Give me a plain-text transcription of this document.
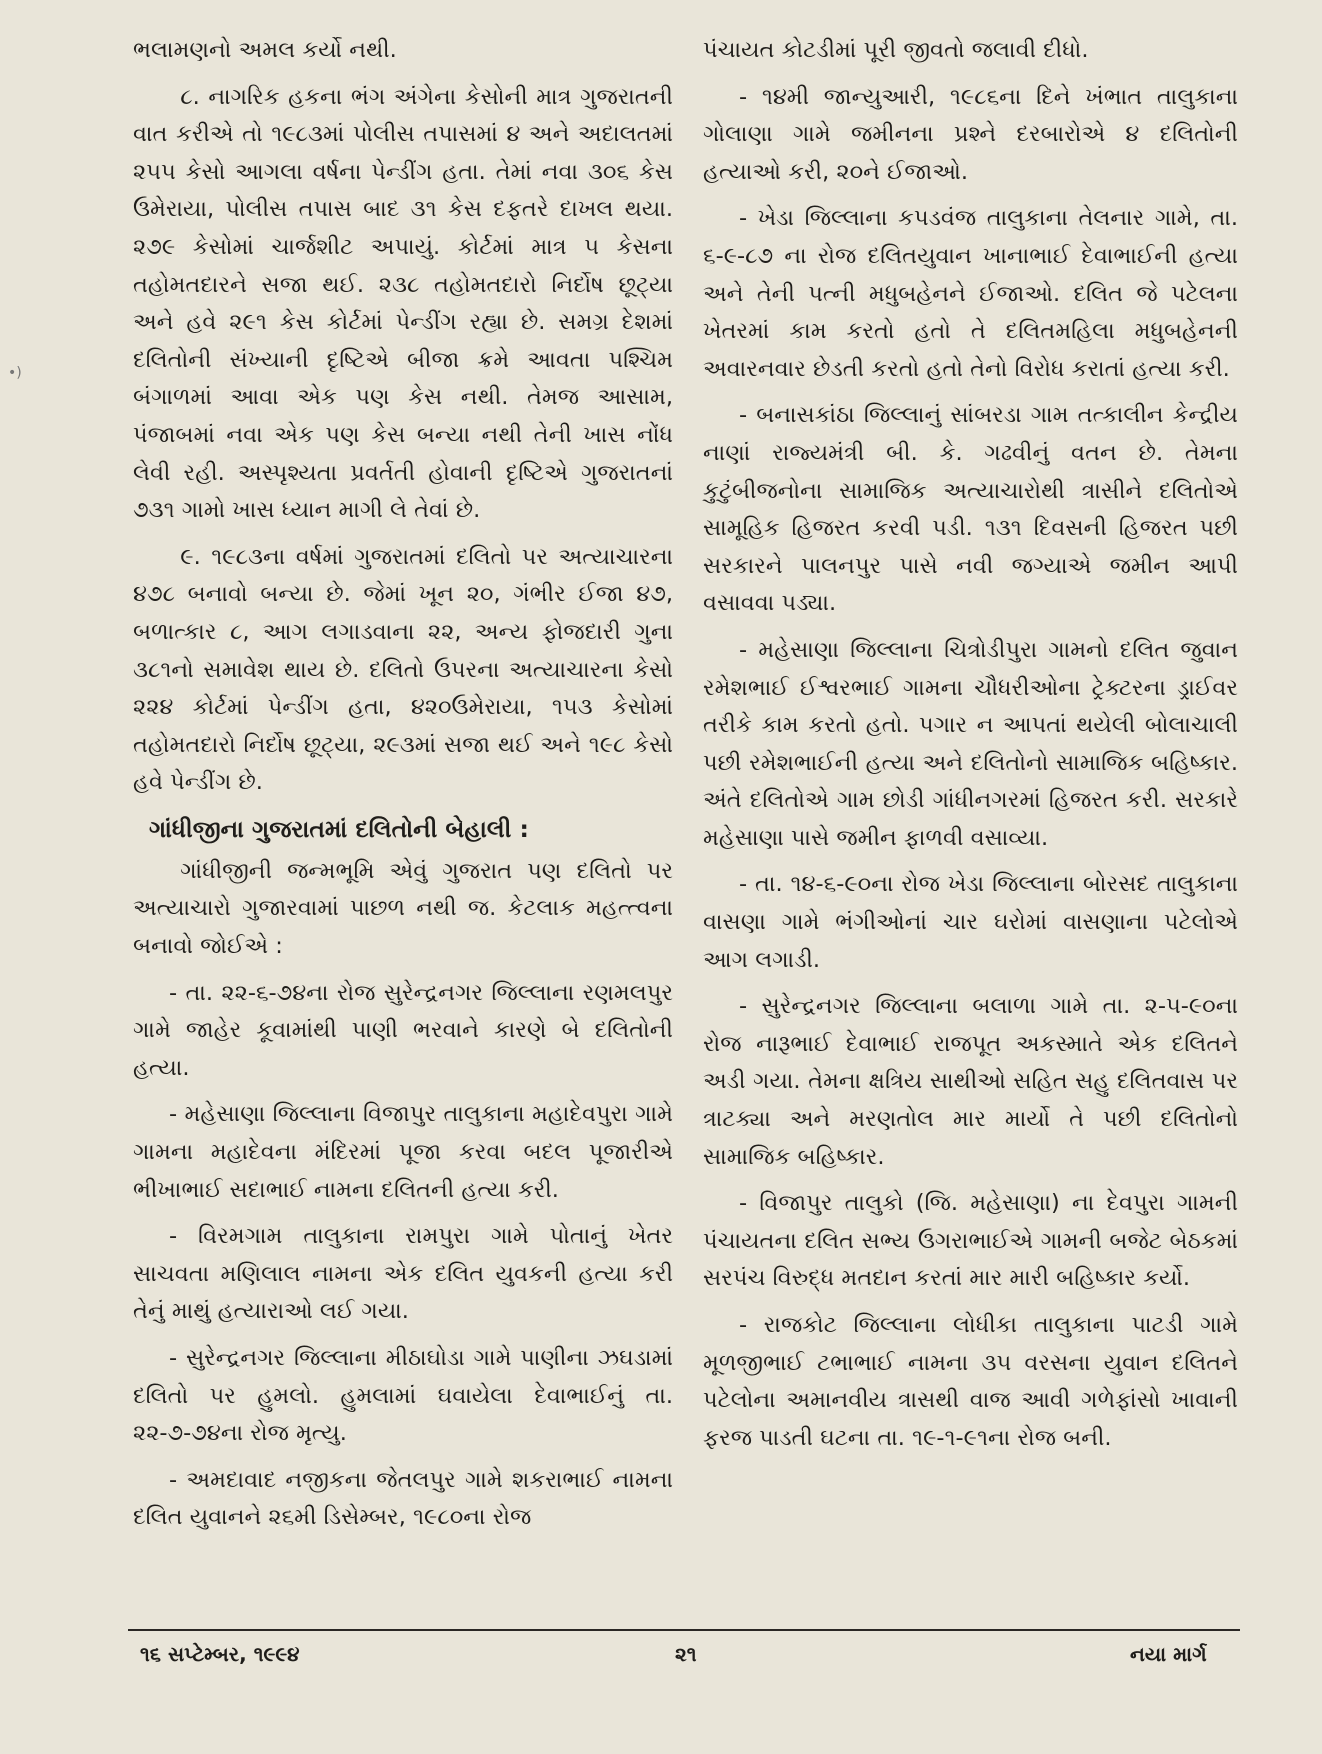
•)

ભલામણનો અમલ કર્યો નથી.

૮. નાગરિક હકના ભંગ અંગેના કેસોની માત્ર ગુજરાતની વાત કરીએ તો ૧૯૮૩માં પોલીસ તપાસમાં ૪ અને અદાલતમાં ૨૫૫ કેસો આગલા વર્ષના પેન્ડીંગ હતા. તેમાં નવા ૩૦૬ કેસ ઉમેરાયા, પોલીસ તપાસ બાદ ૩૧ કેસ દફતરે દાખલ થયા. ૨૭૯ કેસોમાં ચાર્જશીટ અપાયું. કોર્ટમાં માત્ર ૫ કેસના તહોમતદારને સજા થઈ. ૨૩૮ તહોમતદારો નિર્દોષ છૂટ્યા અને હવે ૨૯૧ કેસ કોર્ટમાં પેન્ડીંગ રહ્યા છે. સમગ્ર દેશમાં દલિતોની સંખ્યાની દૃષ્ટિએ બીજા ક્રમે આવતા પશ્ચિમ બંગાળમાં આવા એક પણ કેસ નથી. તેમજ આસામ, પંજાબમાં નવા એક પણ કેસ બન્યા નથી તેની ખાસ નોંધ લેવી રહી. અસ્પૃશ્યતા પ્રવર્તતી હોવાની દૃષ્ટિએ ગુજરાતનાં ૭૩૧ ગામો ખાસ ધ્યાન માગી લે તેવાં છે.

૯. ૧૯૮૩ના વર્ષમાં ગુજરાતમાં દલિતો પર અત્યાચારના ૪૭૮ બનાવો બન્યા છે. જેમાં ખૂન ૨૦, ગંભીર ઈજા ૪૭, બળાત્કાર ૮, આગ લગાડવાના ૨૨, અન્ય ફોજદારી ગુના ૩૮૧નો સમાવેશ થાય છે. દલિતો ઉપરના અત્યાચારના કેસો ૨૨૪ કોર્ટમાં પેન્ડીંગ હતા, ૪૨૦ઉમેરાયા, ૧૫૩ કેસોમાં તહોમતદારો નિર્દોષ છૂટ્યા, ૨૯૩માં સજા થઈ અને ૧૯૮ કેસો હવે પેન્ડીંગ છે.

ગાંધીજીના ગુજરાતમાં દલિતોની બેહાલી :

ગાંધીજીની જન્મભૂમિ એવું ગુજરાત પણ દલિતો પર અત્યાચારો ગુજારવામાં પાછળ નથી જ. કેટલાક મહત્ત્વના બનાવો જોઈએ :

- તા. ૨૨-૬-૭૪ના રોજ સુરેન્દ્રનગર જિલ્લાના રણમલપુર ગામે જાહેર કૂવામાંથી પાણી ભરવાને કારણે બે દલિતોની હત્યા.

- મહેસાણા જિલ્લાના વિજાપુર તાલુકાના મહાદેવપુરા ગામે ગામના મહાદેવના મંદિરમાં પૂજા કરવા બદલ પૂજારીએ ભીખાભાઈ સદાભાઈ નામના દલિતની હત્યા કરી.

- વિરમગામ તાલુકાના રામપુરા ગામે પોતાનું ખેતર સાચવતા મણિલાલ નામના એક દલિત યુવકની હત્યા કરી તેનું માથું હત્યારાઓ લઈ ગયા.

- સુરેન્દ્રનગર જિલ્લાના મીઠાઘોડા ગામે પાણીના ઝઘડામાં દલિતો પર હુમલો. હુમલામાં ઘવાયેલા દેવાભાઈનું તા. ૨૨-૭-૭૪ના રોજ મૃત્યુ.

- અમદાવાદ નજીકના જેતલપુર ગામે શકરાભાઈ નામના દલિત યુવાનને ૨૬મી ડિસેમ્બર, ૧૯૮૦ના રોજ

પંચાયત કોટડીમાં પૂરી જીવતો જલાવી દીધો.

- ૧૪મી જાન્યુઆરી, ૧૯૮૬ના દિને ખંભાત તાલુકાના ગોલાણા ગામે જમીનના પ્રશ્ને દરબારોએ ૪ દલિતોની હત્યાઓ કરી, ૨૦ને ઈજાઓ.

- ખેડા જિલ્લાના કપડવંજ તાલુકાના તેલનાર ગામે, તા. ૬-૯-૮૭ ના રોજ દલિતયુવાન ખાનાભાઈ દેવાભાઈની હત્યા અને તેની પત્ની મધુબહેનને ઈજાઓ. દલિત જે પટેલના ખેતરમાં કામ કરતો હતો તે દલિતમહિલા મધુબહેનની અવારનવાર છેડતી કરતો હતો તેનો વિરોધ કરાતાં હત્યા કરી.

- બનાસકાંઠા જિલ્લાનું સાંબરડા ગામ તત્કાલીન કેન્દ્રીય નાણાં રાજ્યમંત્રી બી. કે. ગઢવીનું વતન છે. તેમના કુટુંબીજનોના સામાજિક અત્યાચારોથી ત્રાસીને દલિતોએ સામૂહિક હિજરત કરવી પડી. ૧૩૧ દિવસની હિજરત પછી સરકારને પાલનપુર પાસે નવી જગ્યાએ જમીન આપી વસાવવા પડ્યા.

- મહેસાણા જિલ્લાના ચિત્રોડીપુરા ગામનો દલિત જુવાન રમેશભાઈ ઈશ્વરભાઈ ગામના ચૌધરીઓના ટ્રેક્ટરના ડ્રાઈવર તરીકે કામ કરતો હતો. પગાર ન આપતાં થયેલી બોલાચાલી પછી રમેશભાઈની હત્યા અને દલિતોનો સામાજિક બહિષ્કાર. અંતે દલિતોએ ગામ છોડી ગાંધીનગરમાં હિજરત કરી. સરકારે મહેસાણા પાસે જમીન ફાળવી વસાવ્યા.

- તા. ૧૪-૬-૯૦ના રોજ ખેડા જિલ્લાના બોરસદ તાલુકાના વાસણા ગામે ભંગીઓનાં ચાર ઘરોમાં વાસણાના પટેલોએ આગ લગાડી.

- સુરેન્દ્રનગર જિલ્લાના બલાળા ગામે તા. ૨-૫-૯૦ના રોજ નારૂભાઈ દેવાભાઈ રાજપૂત અકસ્માતે એક દલિતને અડી ગયા. તેમના ક્ષત્રિય સાથીઓ સહિત સહુ દલિતવાસ પર ત્રાટક્યા અને મરણતોલ માર માર્યો તે પછી દલિતોનો સામાજિક બહિષ્કાર.

- વિજાપુર તાલુકો (જિ. મહેસાણા) ના દેવપુરા ગામની પંચાયતના દલિત સભ્ય ઉગરાભાઈએ ગામની બજેટ બેઠકમાં સરપંચ વિરુદ્ધ મતદાન કરતાં માર મારી બહિષ્કાર કર્યો.

- રાજકોટ જિલ્લાના લોધીકા તાલુકાના પાટડી ગામે મૂળજીભાઈ ટભાભાઈ નામના ૩૫ વરસના યુવાન દલિતને પટેલોના અમાનવીય ત્રાસથી વાજ આવી ગળેફાંસો ખાવાની ફરજ પાડતી ઘટના તા. ૧૯-૧-૯૧ના રોજ બની.

૧૬ સપ્ટેમ્બર, ૧૯૯૪	૨૧	નયા માર્ગ
